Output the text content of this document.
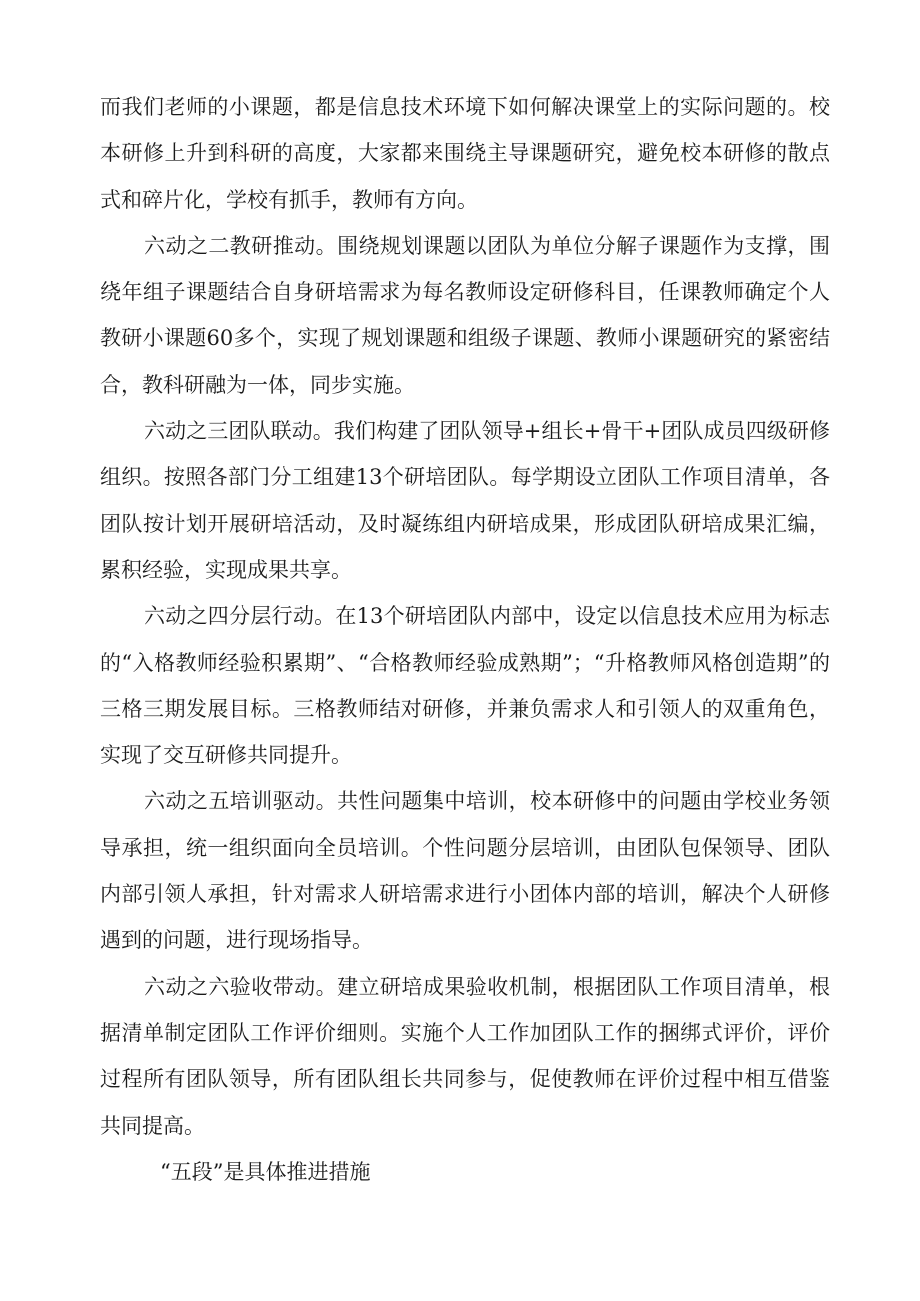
而我们老师的小课题，都是信息技术环境下如何解决课堂上的实际问题的。校本研修上升到科研的高度，大家都来围绕主导课题研究，避免校本研修的散点式和碎片化，学校有抓手，教师有方向。

六动之二教研推动。围绕规划课题以团队为单位分解子课题作为支撑，围绕年组子课题结合自身研培需求为每名教师设定研修科目，任课教师确定个人教研小课题60多个，实现了规划课题和组级子课题、教师小课题研究的紧密结合，教科研融为一体，同步实施。

六动之三团队联动。我们构建了团队领导+组长+骨干+团队成员四级研修组织。按照各部门分工组建13个研培团队。每学期设立团队工作项目清单，各团队按计划开展研培活动，及时凝练组内研培成果，形成团队研培成果汇编，累积经验，实现成果共享。

六动之四分层行动。在13个研培团队内部中，设定以信息技术应用为标志的“入格教师经验积累期”、“合格教师经验成熟期”；“升格教师风格创造期”的三格三期发展目标。三格教师结对研修，并兼负需求人和引领人的双重角色，实现了交互研修共同提升。

六动之五培训驱动。共性问题集中培训，校本研修中的问题由学校业务领导承担，统一组织面向全员培训。个性问题分层培训，由团队包保领导、团队内部引领人承担，针对需求人研培需求进行小团体内部的培训，解决个人研修遇到的问题，进行现场指导。

六动之六验收带动。建立研培成果验收机制，根据团队工作项目清单，根据清单制定团队工作评价细则。实施个人工作加团队工作的捆绑式评价，评价过程所有团队领导，所有团队组长共同参与，促使教师在评价过程中相互借鉴共同提高。

“五段”是具体推进措施
